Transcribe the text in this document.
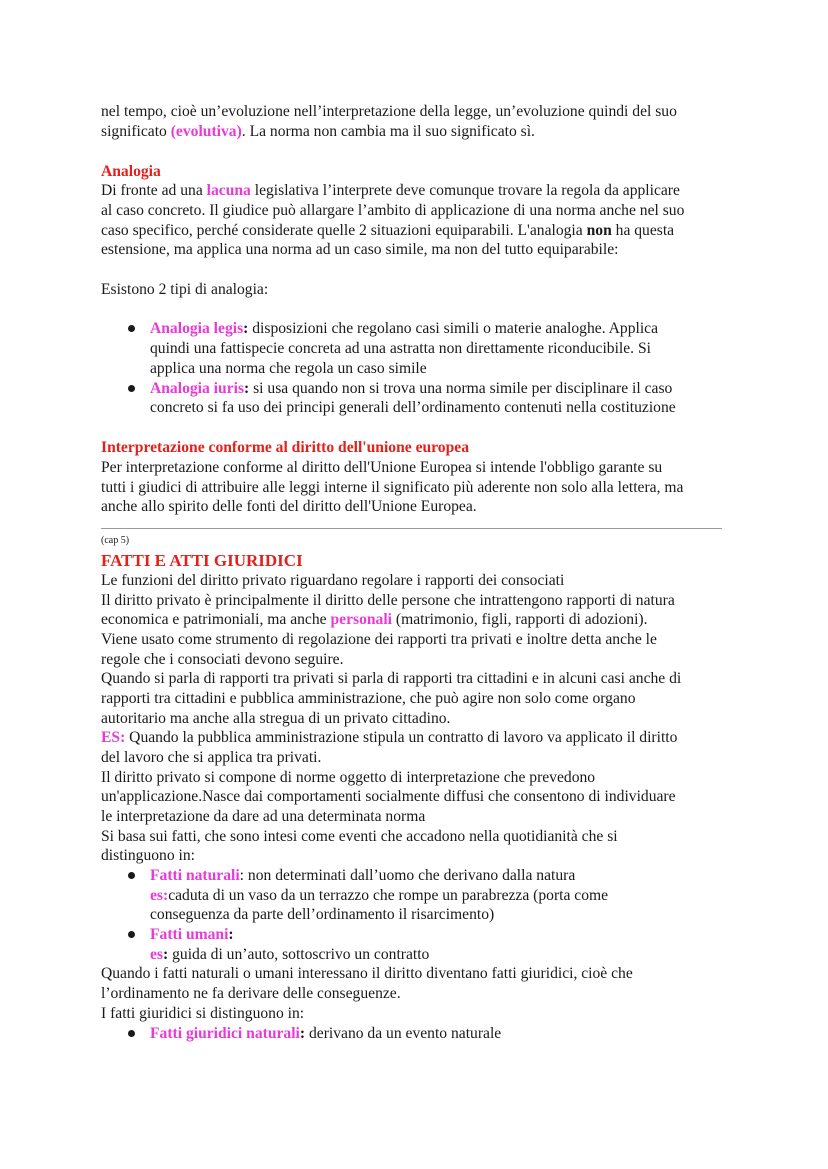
nel tempo, cioè un’evoluzione nell’interpretazione della legge, un’evoluzione quindi del suo

significato (evolutiva). La norma non cambia ma il suo significato sì.

Analogia

Di fronte ad una lacuna legislativa l’interprete deve comunque trovare la regola da applicare

al caso concreto. Il giudice può allargare l’ambito di applicazione di una norma anche nel suo

caso specifico, perché considerate quelle 2 situazioni equiparabili. L'analogia non ha questa

estensione, ma applica una norma ad un caso simile, ma non del tutto equiparabile:

Esistono 2 tipi di analogia:

Analogia legis: disposizioni che regolano casi simili o materie analoghe. Applica

quindi una fattispecie concreta ad una astratta non direttamente riconducibile. Si

applica una norma che regola un caso simile

Analogia iuris: si usa quando non si trova una norma simile per disciplinare il caso

concreto si fa uso dei principi generali dell’ordinamento contenuti nella costituzione

Interpretazione conforme al diritto dell'unione europea

Per interpretazione conforme al diritto dell'Unione Europea si intende l'obbligo garante su

tutti i giudici di attribuire alle leggi interne il significato più aderente non solo alla lettera, ma

anche allo spirito delle fonti del diritto dell'Unione Europea.

(cap 5)

FATTI E ATTI GIURIDICI

Le funzioni del diritto privato riguardano regolare i rapporti dei consociati

Il diritto privato è principalmente il diritto delle persone che intrattengono rapporti di natura

economica e patrimoniali, ma anche personali (matrimonio, figli, rapporti di adozioni).

Viene usato come strumento di regolazione dei rapporti tra privati e inoltre detta anche le

regole che i consociati devono seguire.

Quando si parla di rapporti tra privati si parla di rapporti tra cittadini e in alcuni casi anche di

rapporti tra cittadini e pubblica amministrazione, che può agire non solo come organo

autoritario ma anche alla stregua di un privato cittadino.

ES: Quando la pubblica amministrazione stipula un contratto di lavoro va applicato il diritto

del lavoro che si applica tra privati.

Il diritto privato si compone di norme oggetto di interpretazione che prevedono

un'applicazione.Nasce dai comportamenti socialmente diffusi che consentono di individuare

le interpretazione da dare ad una determinata norma

Si basa sui fatti, che sono intesi come eventi che accadono nella quotidianità che si

distinguono in:

Fatti naturali: non determinati dall’uomo che derivano dalla natura

es:caduta di un vaso da un terrazzo che rompe un parabrezza (porta come

conseguenza da parte dell’ordinamento il risarcimento)

Fatti umani:

es: guida di un’auto, sottoscrivo un contratto

Quando i fatti naturali o umani interessano il diritto diventano fatti giuridici, cioè che

l’ordinamento ne fa derivare delle conseguenze.

I fatti giuridici si distinguono in:

Fatti giuridici naturali: derivano da un evento naturale
